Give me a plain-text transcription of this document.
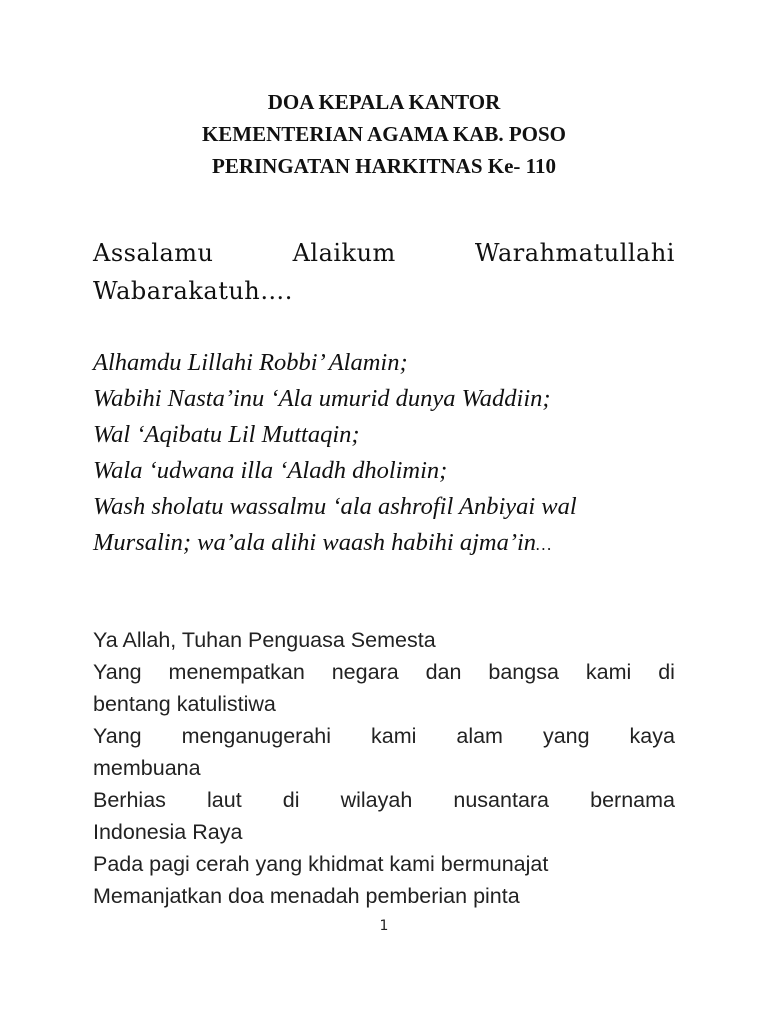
DOA KEPALA KANTOR
KEMENTERIAN AGAMA KAB. POSO
PERINGATAN HARKITNAS Ke- 110
Assalamu	Alaikum	Warahmatullahi
Wabarakatuh….
Alhamdu Lillahi Robbi’ Alamin;
Wabihi Nasta’inu ‘Ala umurid dunya Waddiin;
Wal ‘Aqibatu Lil Muttaqin;
Wala ‘udwana illa ‘Aladh dholimin;
Wash sholatu wassalmu ‘ala ashrofil Anbiyai wal
Mursalin; wa’ala alihi waash habihi ajma’in…
Ya Allah, Tuhan Penguasa Semesta
Yang menempatkan negara dan bangsa kami di
bentang katulistiwa
Yang menganugerahi kami alam yang kaya
membuana
Berhias laut di wilayah nusantara bernama
Indonesia Raya
Pada pagi cerah yang khidmat kami bermunajat
Memanjatkan doa menadah pemberian pinta
1
